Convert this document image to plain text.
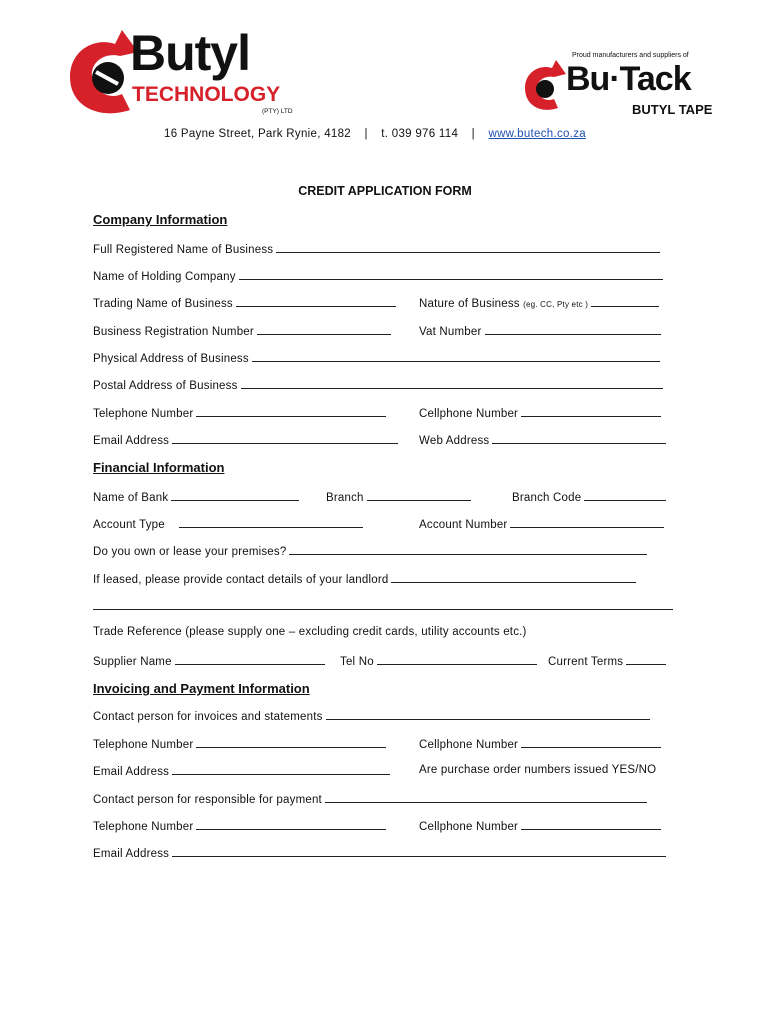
Butyl
TECHNOLOGY
(PTY) LTD
Proud manufacturers and suppliers of
Bu·Tack
BUTYL TAPE
16 Payne Street, Park Rynie, 4182 | t. 039 976 114 | www.butech.co.za
CREDIT APPLICATION FORM
Company Information
Full Registered Name of Business
Name of Holding Company
Trading Name of Business	Nature of Business (eg. CC, Pty etc )
Business Registration Number	Vat Number
Physical Address of Business
Postal Address of Business
Telephone Number	Cellphone Number
Email Address	Web Address
Financial Information
Name of Bank	Branch	Branch Code
Account Type	Account Number
Do you own or lease your premises?
If leased, please provide contact details of your landlord
Trade Reference (please supply one – excluding credit cards, utility accounts etc.)
Supplier Name	Tel No	Current Terms
Invoicing and Payment Information
Contact person for invoices and statements
Telephone Number	Cellphone Number
Email Address	Are purchase order numbers issued YES/NO
Contact person for responsible for payment
Telephone Number	Cellphone Number
Email Address
